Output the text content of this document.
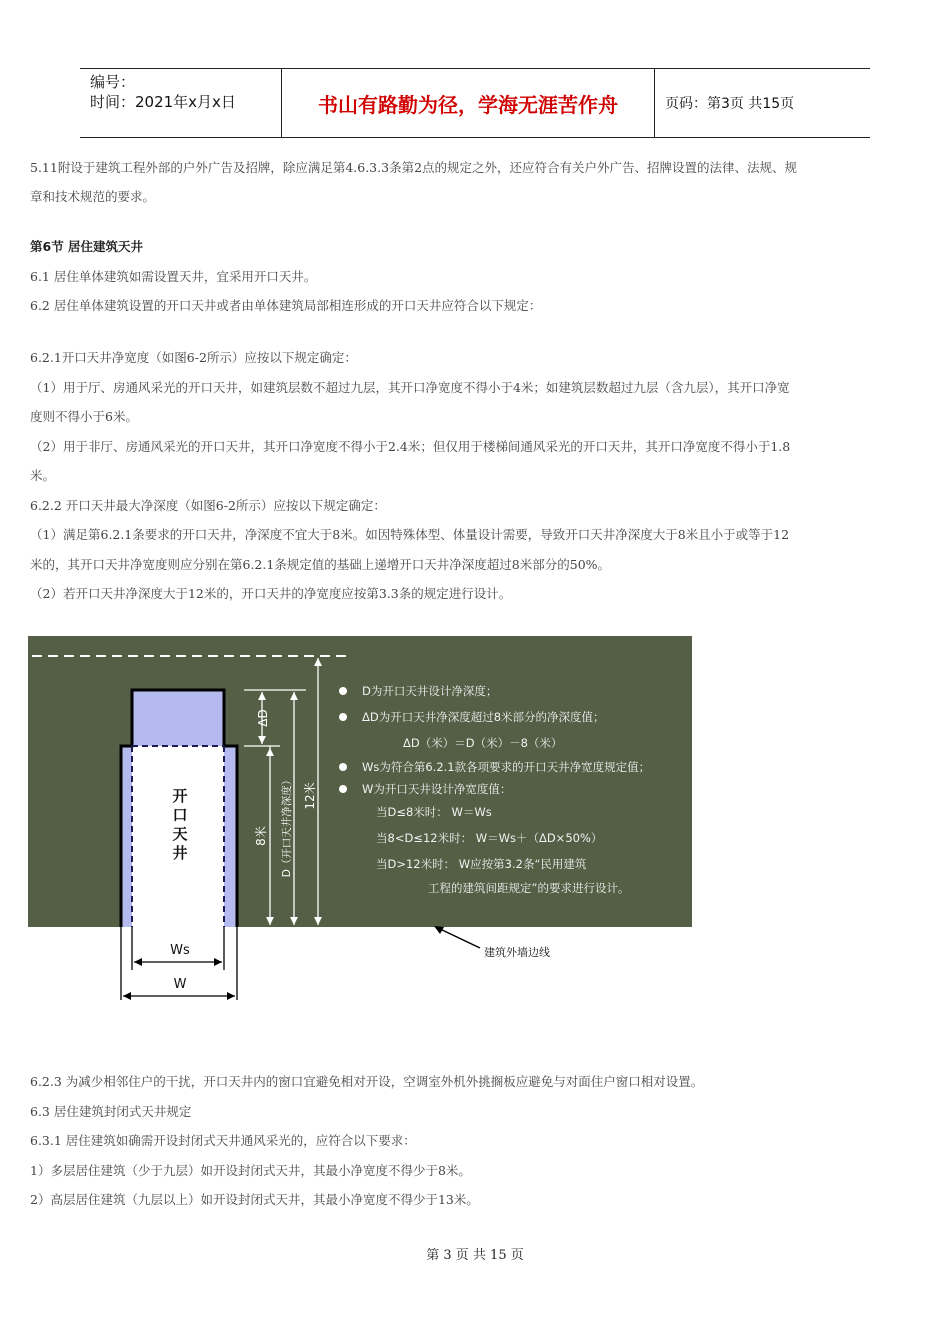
编号：
时间：2021年x月x日	书山有路勤为径，学海无涯苦作舟	页码：第3页 共15页

5.11附设于建筑工程外部的户外广告及招牌，除应满足第4.6.3.3条第2点的规定之外，还应符合有关户外广告、招牌设置的法律、法规、规

章和技术规范的要求。

第6节 居住建筑天井

6.1 居住单体建筑如需设置天井，宜采用开口天井。

6.2 居住单体建筑设置的开口天井或者由单体建筑局部相连形成的开口天井应符合以下规定：

6.2.1开口天井净宽度（如图6-2所示）应按以下规定确定：

（1）用于厅、房通风采光的开口天井，如建筑层数不超过九层，其开口净宽度不得小于4米；如建筑层数超过九层（含九层），其开口净宽

度则不得小于6米。

（2）用于非厅、房通风采光的开口天井，其开口净宽度不得小于2.4米；但仅用于楼梯间通风采光的开口天井，其开口净宽度不得小于1.8

米。

6.2.2 开口天井最大净深度（如图6-2所示）应按以下规定确定：

（1）满足第6.2.1条要求的开口天井，净深度不宜大于8米。如因特殊体型、体量设计需要，导致开口天井净深度大于8米且小于或等于12

米的，其开口天井净宽度则应分别在第6.2.1条规定值的基础上递增开口天井净深度超过8米部分的50%。

（2）若开口天井净深度大于12米的，开口天井的净宽度应按第3.3条的规定进行设计。

开
口
天
井
ΔD
8米 D（开口天井净深度） 12米
D为开口天井设计净深度；
ΔD为开口天井净深度超过8米部分的净深度值；
ΔD（米）＝D（米）－8（米）
Ws为符合第6.2.1款各项要求的开口天井净宽度规定值；
W为开口天井设计净宽度值：
当D≤8米时： W＝Ws
当8<D≤12米时： W＝Ws＋（ΔD×50%）
当D>12米时： W应按第3.2条“民用建筑
工程的建筑间距规定”的要求进行设计。
建筑外墙边线
Ws
W

6.2.3 为减少相邻住户的干扰，开口天井内的窗口宜避免相对开设，空调室外机外挑搁板应避免与对面住户窗口相对设置。

6.3 居住建筑封闭式天井规定

6.3.1 居住建筑如确需开设封闭式天井通风采光的，应符合以下要求：

1）多层居住建筑（少于九层）如开设封闭式天井，其最小净宽度不得少于8米。

2）高层居住建筑（九层以上）如开设封闭式天井，其最小净宽度不得少于13米。

第 3 页 共 15 页
